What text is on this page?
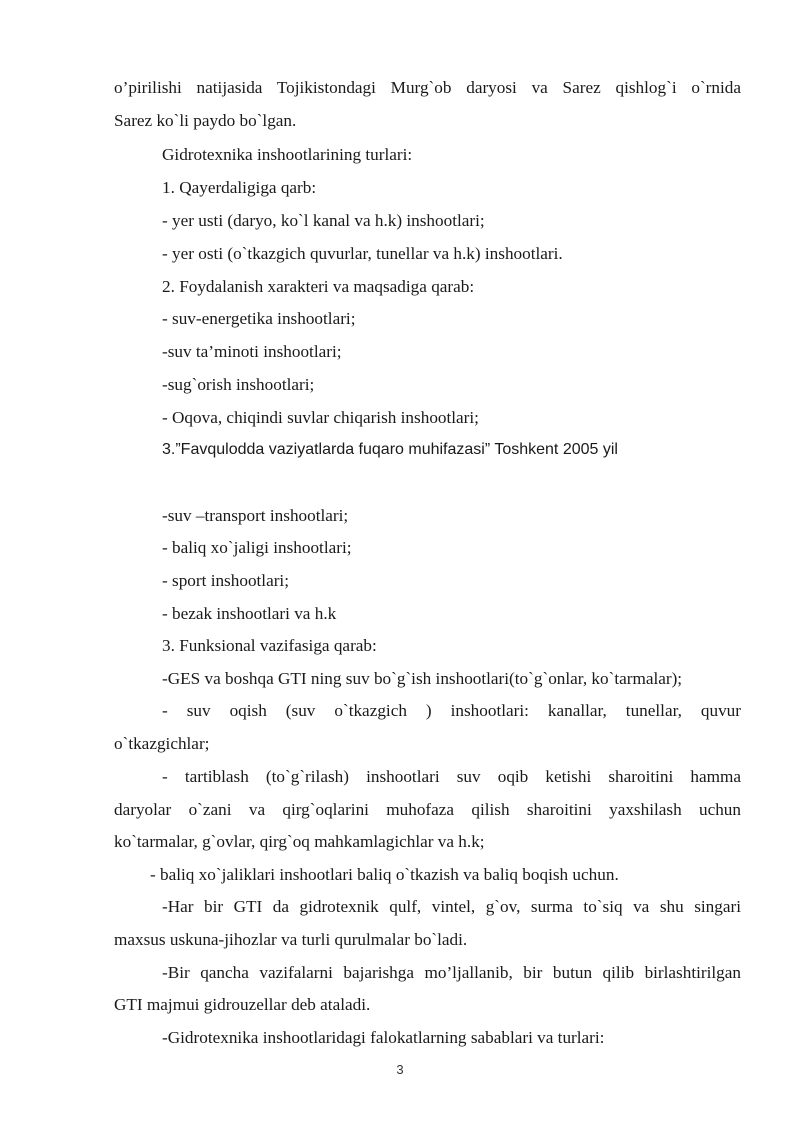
o’pirilishi natijasida Tojikistondagi Murg`ob daryosi va Sarez qishlog`i o`rnida
Sarez ko`li paydo bo`lgan.
Gidrotexnika inshootlarining turlari:
1. Qayerdaligiga qarb:
- yer usti (daryo, ko`l kanal va h.k) inshootlari;
- yer osti (o`tkazgich quvurlar, tunellar va h.k) inshootlari.
2. Foydalanish xarakteri va maqsadiga qarab:
- suv-energetika inshootlari;
-suv ta’minoti inshootlari;
-sug`orish inshootlari;
- Oqova, chiqindi suvlar chiqarish inshootlari;
3.”Favqulodda vaziyatlarda fuqaro muhifazasi” Toshkent 2005 yil
-suv –transport inshootlari;
- baliq xo`jaligi inshootlari;
- sport inshootlari;
- bezak inshootlari va h.k
3. Funksional vazifasiga qarab:
-GES va boshqa GTI ning suv bo`g`ish inshootlari(to`g`onlar, ko`tarmalar);
- suv oqish (suv o`tkazgich ) inshootlari: kanallar, tunellar, quvur
o`tkazgichlar;
- tartiblash (to`g`rilash) inshootlari suv oqib ketishi sharoitini hamma
daryolar o`zani va qirg`oqlarini muhofaza qilish sharoitini yaxshilash uchun
ko`tarmalar, g`ovlar, qirg`oq mahkamlagichlar va h.k;
- baliq xo`jaliklari inshootlari baliq o`tkazish va baliq boqish uchun.
-Har bir GTI da gidrotexnik qulf, vintel, g`ov, surma to`siq va shu singari
maxsus uskuna-jihozlar va turli qurulmalar bo`ladi.
-Bir qancha vazifalarni bajarishga mo’ljallanib, bir butun qilib birlashtirilgan
GTI majmui gidrouzellar deb ataladi.
-Gidrotexnika inshootlaridagi falokatlarning sabablari va turlari:
3
